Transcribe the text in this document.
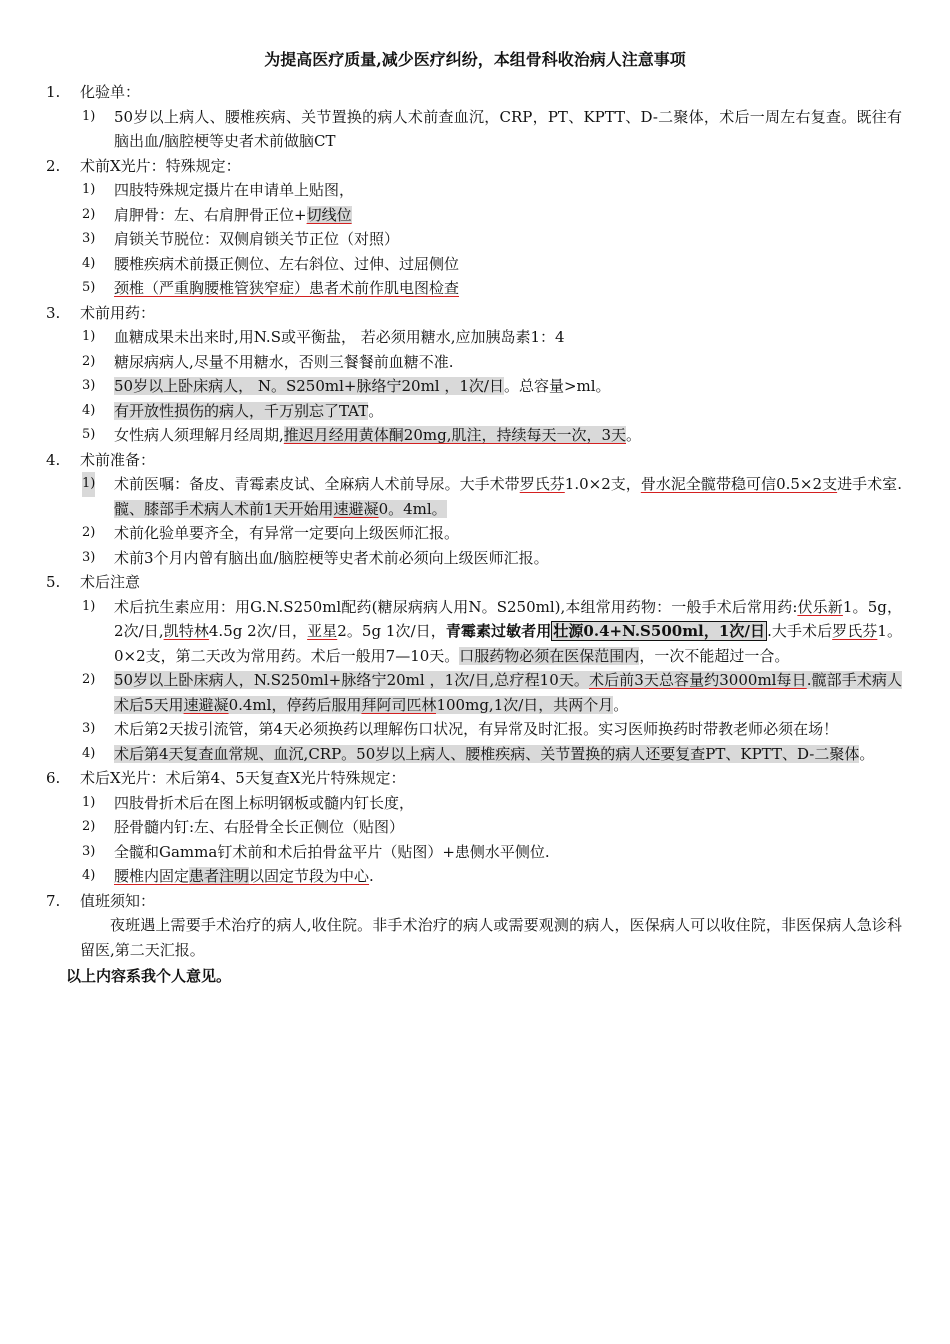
为提高医疗质量,减少医疗纠纷，本组骨科收治病人注意事项

1. 化验单：

1) 50岁以上病人、腰椎疾病、关节置换的病人术前查血沉，CRP，PT、KPTT、D-二聚体，术后一周左右复查。既往有脑出血/脑腔梗等史者术前做脑CT

2. 术前X光片：特殊规定：

1) 四肢特殊规定摄片在申请单上贴图，

2) 肩胛骨：左、右肩胛骨正位+切线位

3) 肩锁关节脱位：双侧肩锁关节正位（对照）

4) 腰椎疾病术前摄正侧位、左右斜位、过伸、过屈侧位

5) 颈椎（严重胸腰椎管狭窄症）患者术前作肌电图检查

3. 术前用药：

1) 血糖成果未出来时,用N.S或平衡盐， 若必须用糖水,应加胰岛素1：4

2) 糖尿病病人,尽量不用糖水，否则三餐餐前血糖不准.

3) 50岁以上卧床病人， N。S250ml+脉络宁20ml ，1次/日。总容量>ml。

4) 有开放性损伤的病人，千万别忘了TAT。

5) 女性病人须理解月经周期,推迟月经用黄体酮20mg,肌注，持续每天一次，3天。

4. 术前准备：

1) 术前医嘱：备皮、青霉素皮试、全麻病人术前导尿。大手术带罗氏芬1.0×2支，骨水泥全髋带稳可信0.5×2支进手术室.髋、膝部手术病人术前1天开始用速避凝0。4ml。

2) 术前化验单要齐全，有异常一定要向上级医师汇报。

3) 术前3个月内曾有脑出血/脑腔梗等史者术前必须向上级医师汇报。

5. 术后注意

1) 术后抗生素应用：用G.N.S250ml配药(糖尿病病人用N。S250ml),本组常用药物：一般手术后常用药:伏乐新1。5g，2次/日,凯特林4.5g 2次/日，亚星2。5g 1次/日，青霉素过敏者用 壮源0.4+N.S500ml，1次/日 .大手术后罗氏芬1。0×2支，第二天改为常用药。术后一般用7—10天。口服药物必须在医保范围内，一次不能超过一合。

2) 50岁以上卧床病人，N.S250ml+脉络宁20ml ，1次/日,总疗程10天。术后前3天总容量约3000ml每日.髋部手术病人术后5天用速避凝0.4ml，停药后服用拜阿司匹林100mg,1次/日，共两个月。

3) 术后第2天拔引流管，第4天必须换药以理解伤口状况，有异常及时汇报。实习医师换药时带教老师必须在场！

4) 术后第4天复查血常规、血沉,CRP。50岁以上病人、腰椎疾病、关节置换的病人还要复查PT、KPTT、D-二聚体。

6. 术后X光片：术后第4、5天复查X光片特殊规定：

1) 四肢骨折术后在图上标明钢板或髓内钉长度，

2) 胫骨髓内钉:左、右胫骨全长正侧位（贴图）

3) 全髋和Gamma钉术前和术后拍骨盆平片（贴图）+患侧水平侧位.

4) 腰椎内固定患者注明以固定节段为中心.

7. 值班须知：

夜班遇上需要手术治疗的病人,收住院。非手术治疗的病人或需要观测的病人，医保病人可以收住院，非医保病人急诊科留医,第二天汇报。

以上内容系我个人意见。
